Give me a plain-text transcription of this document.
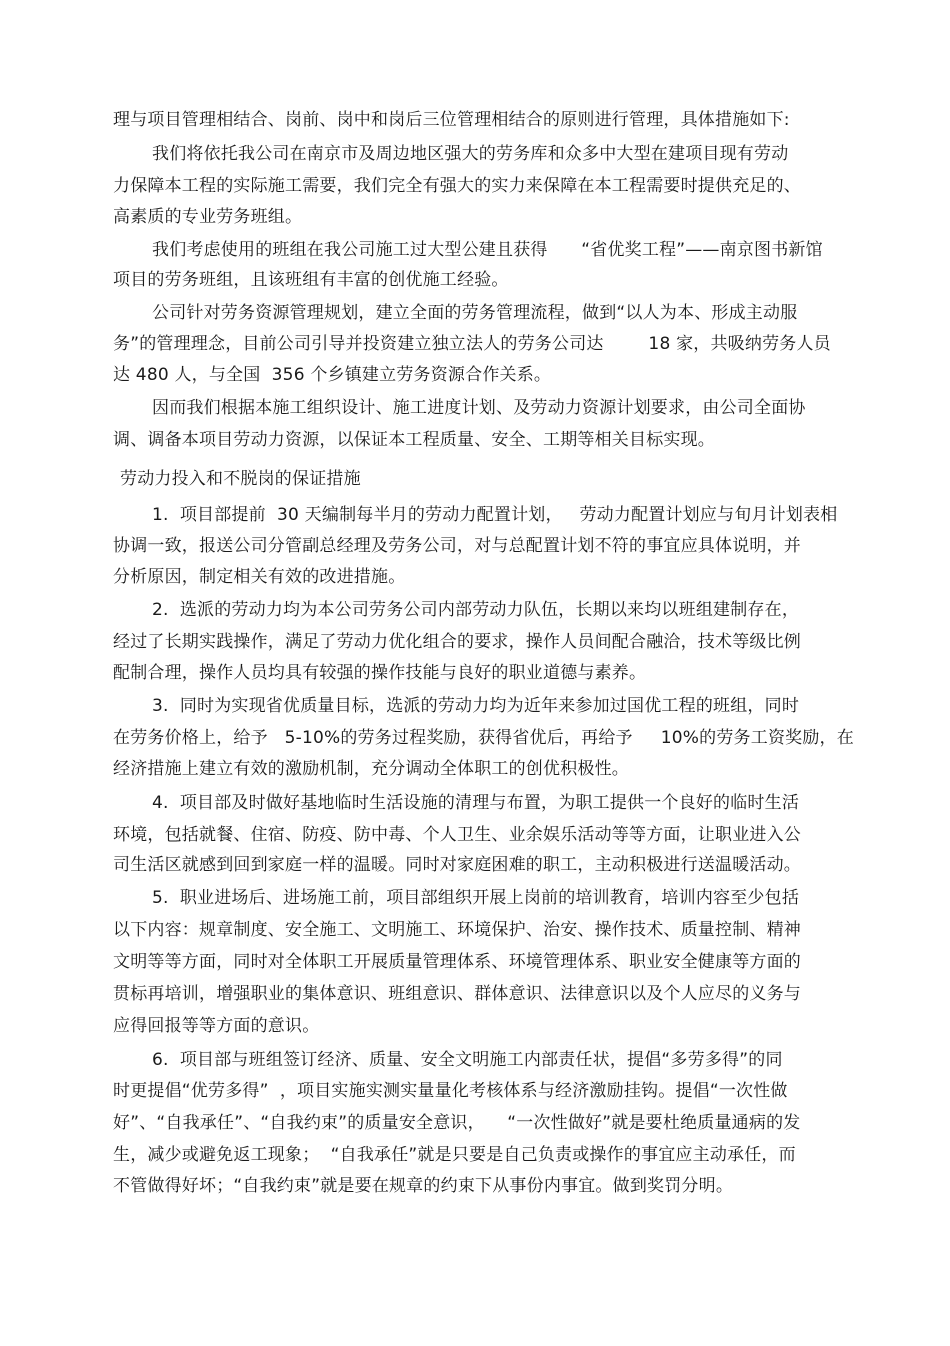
理与项目管理相结合、岗前、岗中和岗后三位管理相结合的原则进行管理，具体措施如下:
我们将依托我公司在南京市及周边地区强大的劳务库和众多中大型在建项目现有劳动
力保障本工程的实际施工需要，我们完全有强大的实力来保障在本工程需要时提供充足的、
高素质的专业劳务班组。
我们考虑使用的班组在我公司施工过大型公建且获得      “省优奖工程”——南京图书新馆
项目的劳务班组，且该班组有丰富的创优施工经验。
公司针对劳务资源管理规划，建立全面的劳务管理流程，做到“以人为本、形成主动服
务”的管理理念，目前公司引导并投资建立独立法人的劳务公司达        18 家，共吸纳劳务人员
达 480 人，与全国  356 个乡镇建立劳务资源合作关系。
因而我们根据本施工组织设计、施工进度计划、及劳动力资源计划要求，由公司全面协
调、调备本项目劳动力资源，以保证本工程质量、安全、工期等相关目标实现。
劳动力投入和不脱岗的保证措施
1.  项目部提前  30 天编制每半月的劳动力配置计划，   劳动力配置计划应与旬月计划表相
协调一致，报送公司分管副总经理及劳务公司，对与总配置计划不符的事宜应具体说明，并
分析原因，制定相关有效的改进措施。
2.  选派的劳动力均为本公司劳务公司内部劳动力队伍，长期以来均以班组建制存在，
经过了长期实践操作，满足了劳动力优化组合的要求，操作人员间配合融洽，技术等级比例
配制合理，操作人员均具有较强的操作技能与良好的职业道德与素养。
3.  同时为实现省优质量目标，选派的劳动力均为近年来参加过国优工程的班组，同时
在劳务价格上，给予   5-10%的劳务过程奖励，获得省优后，再给予     10%的劳务工资奖励，在
经济措施上建立有效的激励机制，充分调动全体职工的创优积极性。
4.  项目部及时做好基地临时生活设施的清理与布置，为职工提供一个良好的临时生活
环境，包括就餐、住宿、防疫、防中毒、个人卫生、业余娱乐活动等等方面，让职业进入公
司生活区就感到回到家庭一样的温暖。同时对家庭困难的职工，主动积极进行送温暖活动。
5.  职业进场后、进场施工前，项目部组织开展上岗前的培训教育，培训内容至少包括
以下内容：规章制度、安全施工、文明施工、环境保护、治安、操作技术、质量控制、精神
文明等等方面，同时对全体职工开展质量管理体系、环境管理体系、职业安全健康等方面的
贯标再培训，增强职业的集体意识、班组意识、群体意识、法律意识以及个人应尽的义务与
应得回报等等方面的意识。
6.  项目部与班组签订经济、质量、安全文明施工内部责任状，提倡“多劳多得”的同
时更提倡“优劳多得”  ，项目实施实测实量量化考核体系与经济激励挂钩。提倡“一次性做
好”、“自我承任”、“自我约束”的质量安全意识，    “一次性做好”就是要杜绝质量通病的发
生，减少或避免返工现象；  “自我承任”就是只要是自己负责或操作的事宜应主动承任，而
不管做得好坏；“自我约束”就是要在规章的约束下从事份内事宜。做到奖罚分明。
